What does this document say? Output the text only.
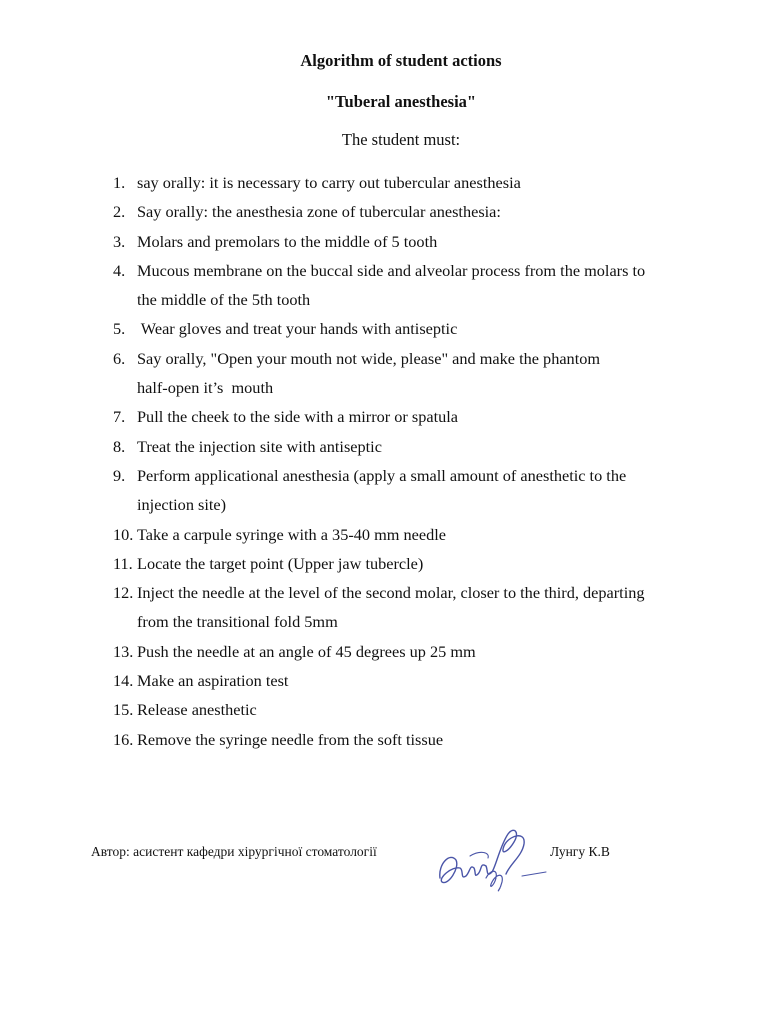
Algorithm of student actions
"Tuberal anesthesia"
The student must:
1. say orally: it is necessary to carry out tubercular anesthesia
2. Say orally: the anesthesia zone of tubercular anesthesia:
3. Molars and premolars to the middle of 5 tooth
4. Mucous membrane on the buccal side and alveolar process from the molars to
the middle of the 5th tooth
5. Wear gloves and treat your hands with antiseptic
6. Say orally, "Open your mouth not wide, please" and make the phantom
half-open it’s  mouth
7. Pull the cheek to the side with a mirror or spatula
8. Treat the injection site with antiseptic
9. Perform applicational anesthesia (apply a small amount of anesthetic to the
injection site)
10. Take a carpule syringe with a 35-40 mm needle
11. Locate the target point (Upper jaw tubercle)
12. Inject the needle at the level of the second molar, closer to the third, departing
from the transitional fold 5mm
13. Push the needle at an angle of 45 degrees up 25 mm
14. Make an aspiration test
15. Release anesthetic
16. Remove the syringe needle from the soft tissue
Автор: асистент кафедри хірургічної стоматології	Лунгу К.В
